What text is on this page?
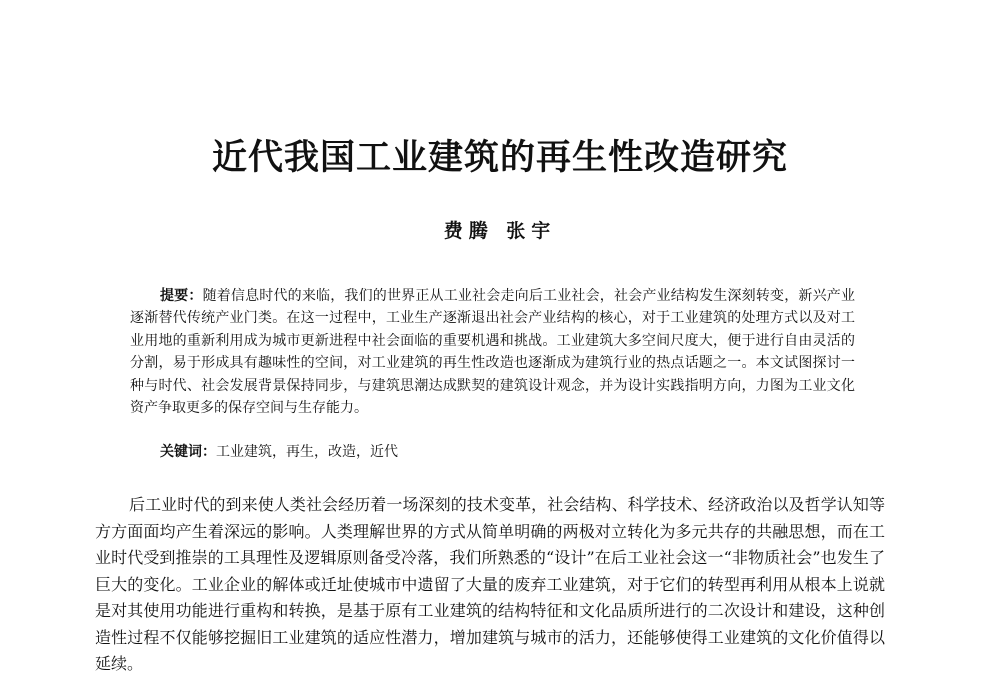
近代我国工业建筑的再生性改造研究
费腾 张宇

提要：随着信息时代的来临，我们的世界正从工业社会走向后工业社会，社会产业结构发生深刻转变，新兴产业逐渐替代传统产业门类。在这一过程中，工业生产逐渐退出社会产业结构的核心，对于工业建筑的处理方式以及对工业用地的重新利用成为城市更新进程中社会面临的重要机遇和挑战。工业建筑大多空间尺度大，便于进行自由灵活的分割，易于形成具有趣味性的空间，对工业建筑的再生性改造也逐渐成为建筑行业的热点话题之一。本文试图探讨一种与时代、社会发展背景保持同步，与建筑思潮达成默契的建筑设计观念，并为设计实践指明方向，力图为工业文化资产争取更多的保存空间与生存能力。

关键词：工业建筑，再生，改造，近代

后工业时代的到来使人类社会经历着一场深刻的技术变革，社会结构、科学技术、经济政治以及哲学认知等方方面面均产生着深远的影响。人类理解世界的方式从简单明确的两极对立转化为多元共存的共融思想，而在工业时代受到推崇的工具理性及逻辑原则备受冷落，我们所熟悉的“设计”在后工业社会这一“非物质社会”也发生了巨大的变化。工业企业的解体或迁址使城市中遗留了大量的废弃工业建筑，对于它们的转型再利用从根本上说就是对其使用功能进行重构和转换，是基于原有工业建筑的结构特征和文化品质所进行的二次设计和建设，这种创造性过程不仅能够挖掘旧工业建筑的适应性潜力，增加建筑与城市的活力，还能够使得工业建筑的文化价值得以延续。
